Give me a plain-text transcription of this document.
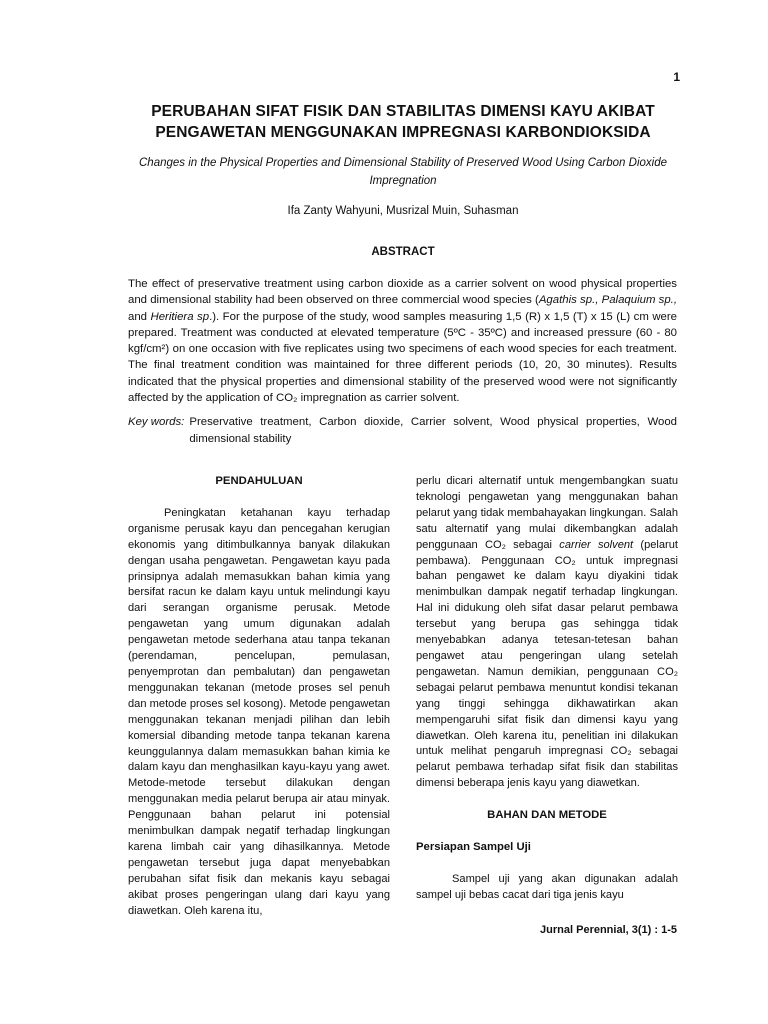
1
PERUBAHAN SIFAT FISIK DAN STABILITAS DIMENSI KAYU AKIBAT
PENGAWETAN MENGGUNAKAN IMPREGNASI KARBONDIOKSIDA

Changes in the Physical Properties and Dimensional Stability of Preserved Wood Using Carbon Dioxide Impregnation

Ifa Zanty Wahyuni, Musrizal Muin, Suhasman
ABSTRACT

The effect of preservative treatment using carbon dioxide as a carrier solvent on wood physical properties and dimensional stability had been observed on three commercial wood species (Agathis sp., Palaquium sp., and Heritiera sp.). For the purpose of the study, wood samples measuring 1,5 (R) x 1,5 (T) x 15 (L) cm were prepared. Treatment was conducted at elevated temperature (5ºC - 35ºC) and increased pressure (60 - 80 kgf/cm²) on one occasion with five replicates using two specimens of each wood species for each treatment. The final treatment condition was maintained for three different periods (10, 20, 30 minutes). Results indicated that the physical properties and dimensional stability of the preserved wood were not significantly affected by the application of CO₂ impregnation as carrier solvent.

Key words: Preservative treatment, Carbon dioxide, Carrier solvent, Wood physical properties, Wood dimensional stability
PENDAHULUAN

Peningkatan ketahanan kayu terhadap organisme perusak kayu dan pencegahan kerugian ekonomis yang ditimbulkannya banyak dilakukan dengan usaha pengawetan. Pengawetan kayu pada prinsipnya adalah memasukkan bahan kimia yang bersifat racun ke dalam kayu untuk melindungi kayu dari serangan organisme perusak. Metode pengawetan yang umum digunakan adalah pengawetan metode sederhana atau tanpa tekanan (perendaman, pencelupan, pemulasan, penyemprotan dan pembalutan) dan pengawetan menggunakan tekanan (metode proses sel penuh dan metode proses sel kosong). Metode pengawetan menggunakan tekanan menjadi pilihan dan lebih komersial dibanding metode tanpa tekanan karena keunggulannya dalam memasukkan bahan kimia ke dalam kayu dan menghasilkan kayu-kayu yang awet. Metode-metode tersebut dilakukan dengan menggunakan media pelarut berupa air atau minyak. Penggunaan bahan pelarut ini potensial menimbulkan dampak negatif terhadap lingkungan karena limbah cair yang dihasilkannya. Metode pengawetan tersebut juga dapat menyebabkan perubahan sifat fisik dan mekanis kayu sebagai akibat proses pengeringan ulang dari kayu yang diawetkan. Oleh karena itu,

perlu dicari alternatif untuk mengembangkan suatu teknologi pengawetan yang menggunakan bahan pelarut yang tidak membahayakan lingkungan. Salah satu alternatif yang mulai dikembangkan adalah penggunaan CO₂ sebagai carrier solvent (pelarut pembawa). Penggunaan CO₂ untuk impregnasi bahan pengawet ke dalam kayu diyakini tidak menimbulkan dampak negatif terhadap lingkungan. Hal ini didukung oleh sifat dasar pelarut pembawa tersebut yang berupa gas sehingga tidak menyebabkan adanya tetesan-tetesan bahan pengawet atau pengeringan ulang setelah pengawetan. Namun demikian, penggunaan CO₂ sebagai pelarut pembawa menuntut kondisi tekanan yang tinggi sehingga dikhawatirkan akan mempengaruhi sifat fisik dan dimensi kayu yang diawetkan. Oleh karena itu, penelitian ini dilakukan untuk melihat pengaruh impregnasi CO₂ sebagai pelarut pembawa terhadap sifat fisik dan stabilitas dimensi beberapa jenis kayu yang diawetkan.

BAHAN DAN METODE
Persiapan Sampel Uji

Sampel uji yang akan digunakan adalah sampel uji bebas cacat dari tiga jenis kayu

Jurnal Perennial, 3(1) : 1-5
